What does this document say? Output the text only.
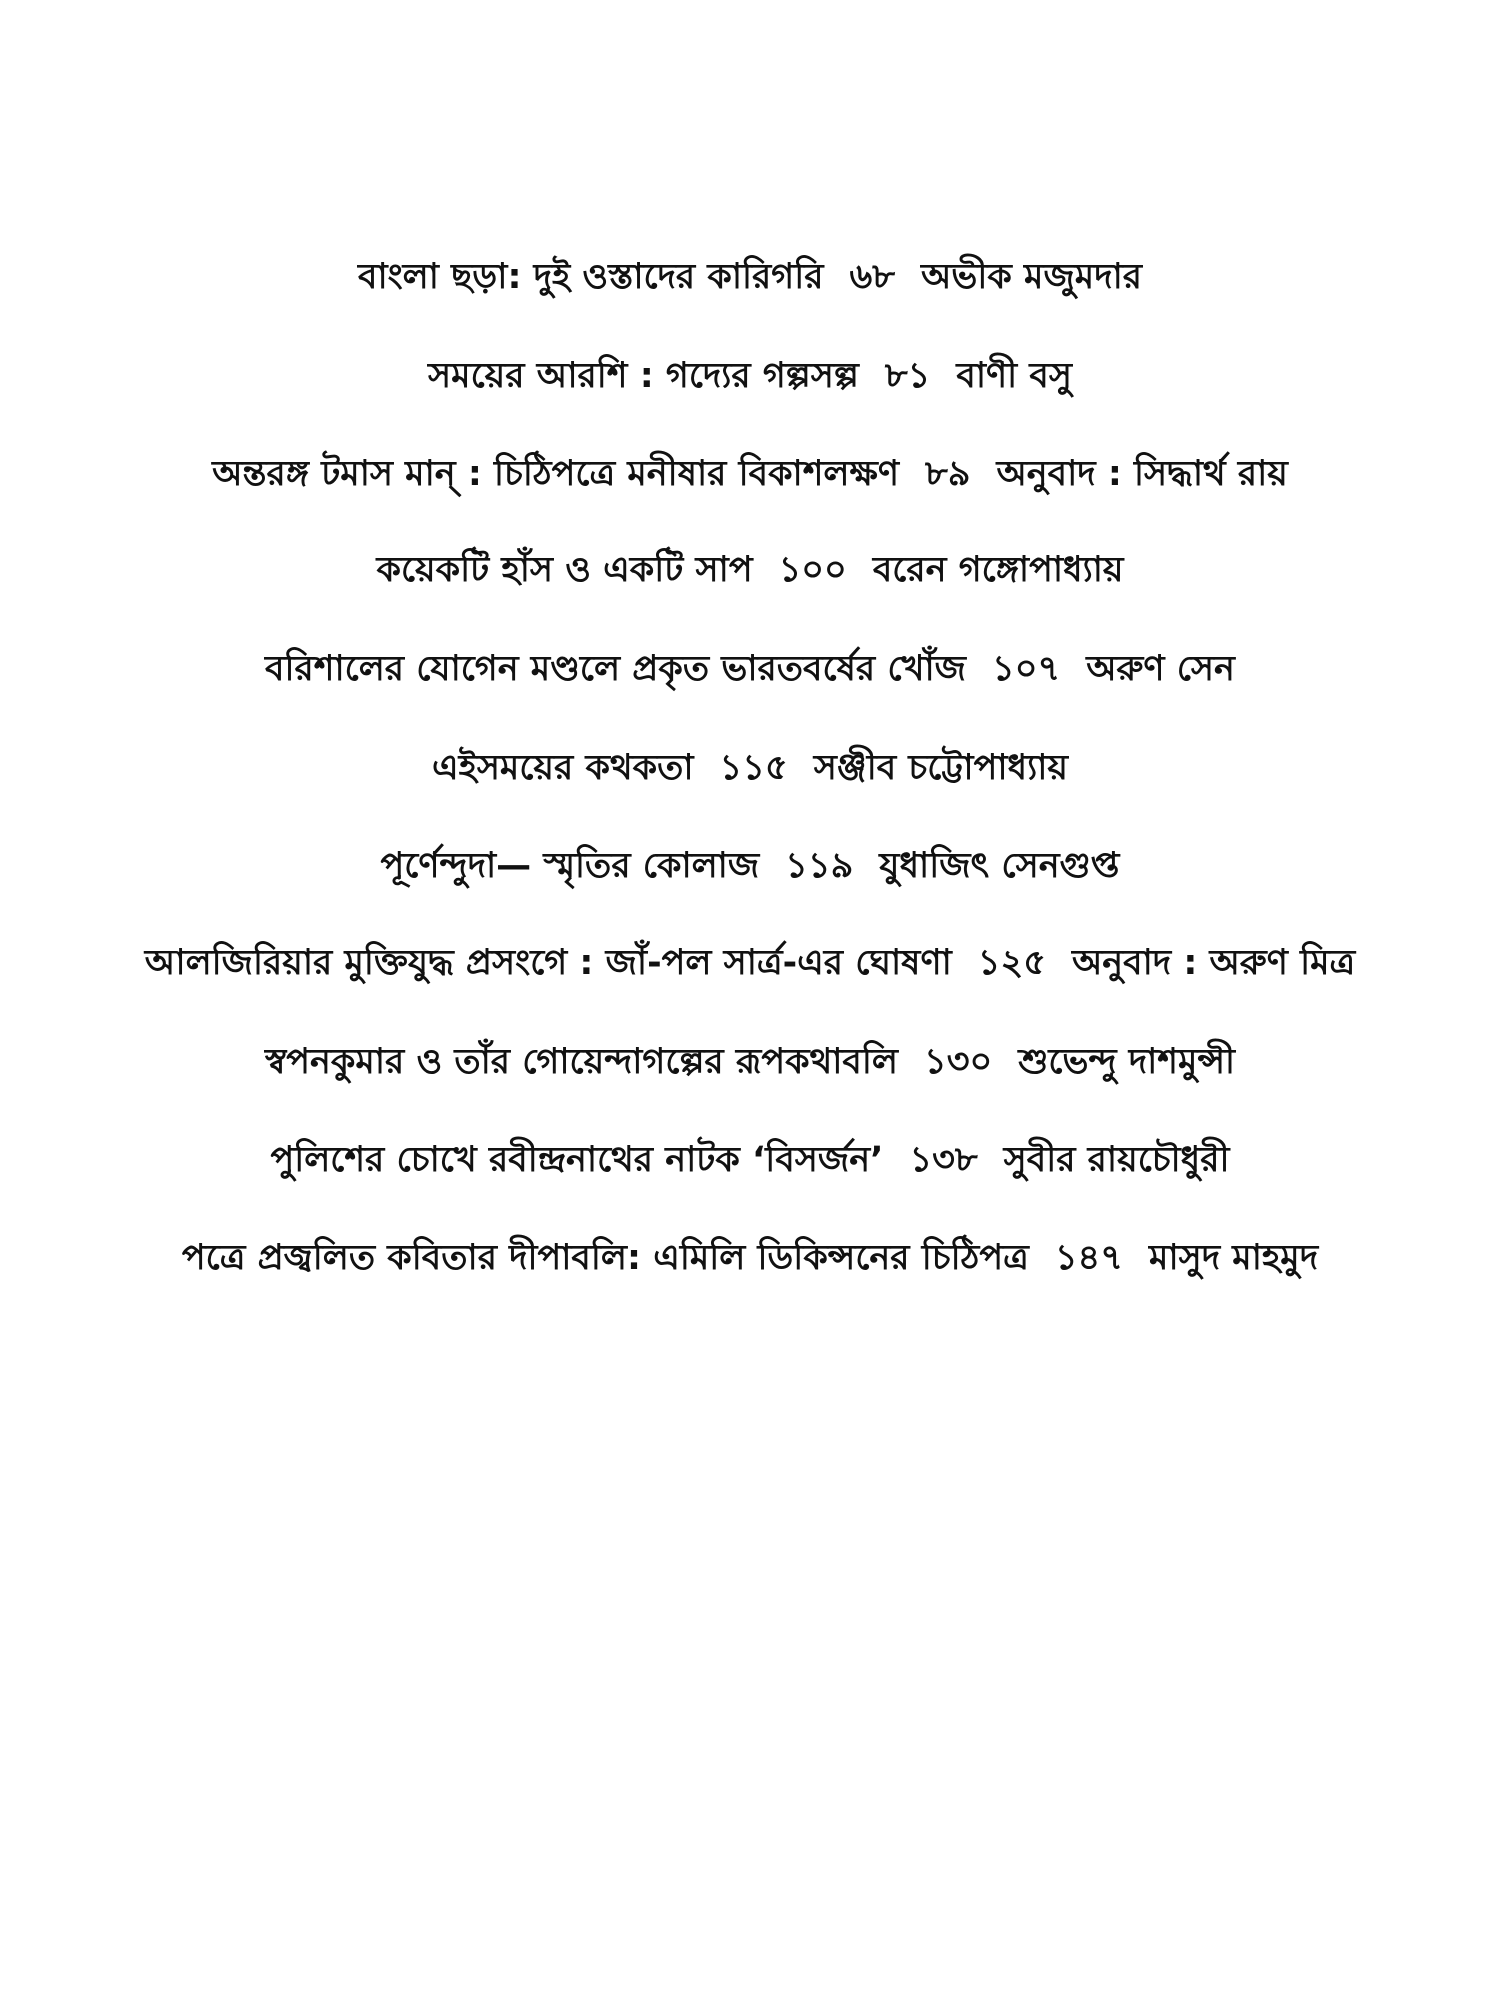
বাংলা ছড়া: দুই ওস্তাদের কারিগরি ৬৮ অভীক মজুমদার
সময়ের আরশি : গদ্যের গল্পসল্প ৮১ বাণী বসু
অন্তরঙ্গ টমাস মান্ : চিঠিপত্রে মনীষার বিকাশলক্ষণ ৮৯ অনুবাদ : সিদ্ধার্থ রায়
কয়েকটি হাঁস ও একটি সাপ ১০০ বরেন গঙ্গোপাধ্যায়
বরিশালের যোগেন মণ্ডলে প্রকৃত ভারতবর্ষের খোঁজ ১০৭ অরুণ সেন
এইসময়ের কথকতা ১১৫ সঞ্জীব চট্টোপাধ্যায়
পূর্ণেন্দুদা— স্মৃতির কোলাজ ১১৯ যুধাজিৎ সেনগুপ্ত
আলজিরিয়ার মুক্তিযুদ্ধ প্রসংগে : জাঁ-পল সার্ত্র-এর ঘোষণা ১২৫ অনুবাদ : অরুণ মিত্র
স্বপনকুমার ও তাঁর গোয়েন্দাগল্পের রূপকথাবলি ১৩০ শুভেন্দু দাশমুন্সী
পুলিশের চোখে রবীন্দ্রনাথের নাটক ‘বিসর্জন’ ১৩৮ সুবীর রায়চৌধুরী
পত্রে প্রজ্বলিত কবিতার দীপাবলি: এমিলি ডিকিন্সনের চিঠিপত্র ১৪৭ মাসুদ মাহমুদ
